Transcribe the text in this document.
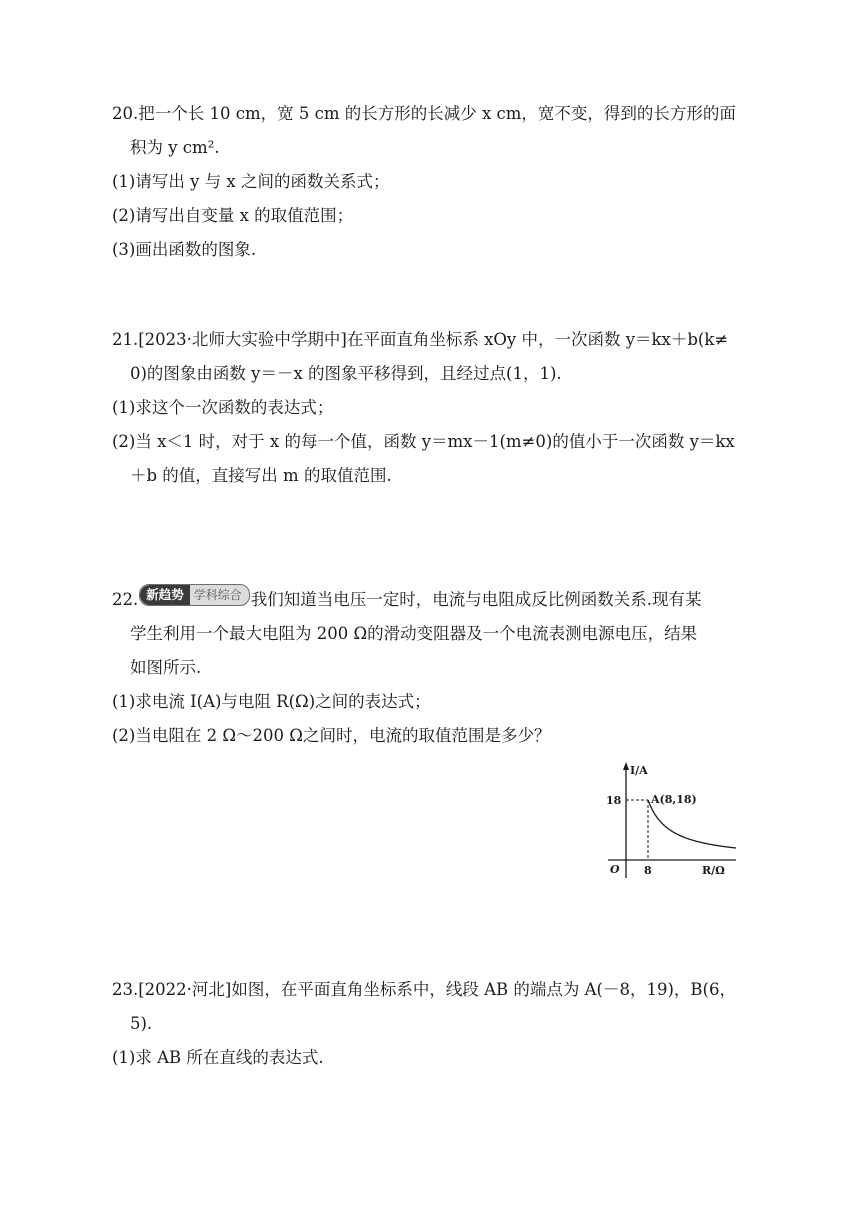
20.把一个长 10 cm，宽 5 cm 的长方形的长减少 x cm，宽不变，得到的长方形的面
积为 y cm².
(1)请写出 y 与 x 之间的函数关系式；
(2)请写出自变量 x 的取值范围；
(3)画出函数的图象.
21.[2023·北师大实验中学期中]在平面直角坐标系 xOy 中，一次函数 y＝kx＋b(k≠
0)的图象由函数 y＝－x 的图象平移得到，且经过点(1，1).
(1)求这个一次函数的表达式；
(2)当 x＜1 时，对于 x 的每一个值，函数 y＝mx－1(m≠0)的值小于一次函数 y＝kx
＋b 的值，直接写出 m 的取值范围.
22. 新趋势 学科综合 我们知道当电压一定时，电流与电阻成反比例函数关系.现有某
学生利用一个最大电阻为 200 Ω的滑动变阻器及一个电流表测电源电压，结果
如图所示.
(1)求电流 I(A)与电阻 R(Ω)之间的表达式；
(2)当电阻在 2 Ω～200 Ω之间时，电流的取值范围是多少？
I/A
R/Ω
O
18
8
A(8,18)
23.[2022·河北]如图，在平面直角坐标系中，线段 AB 的端点为 A(－8，19)，B(6，
5).
(1)求 AB 所在直线的表达式.
